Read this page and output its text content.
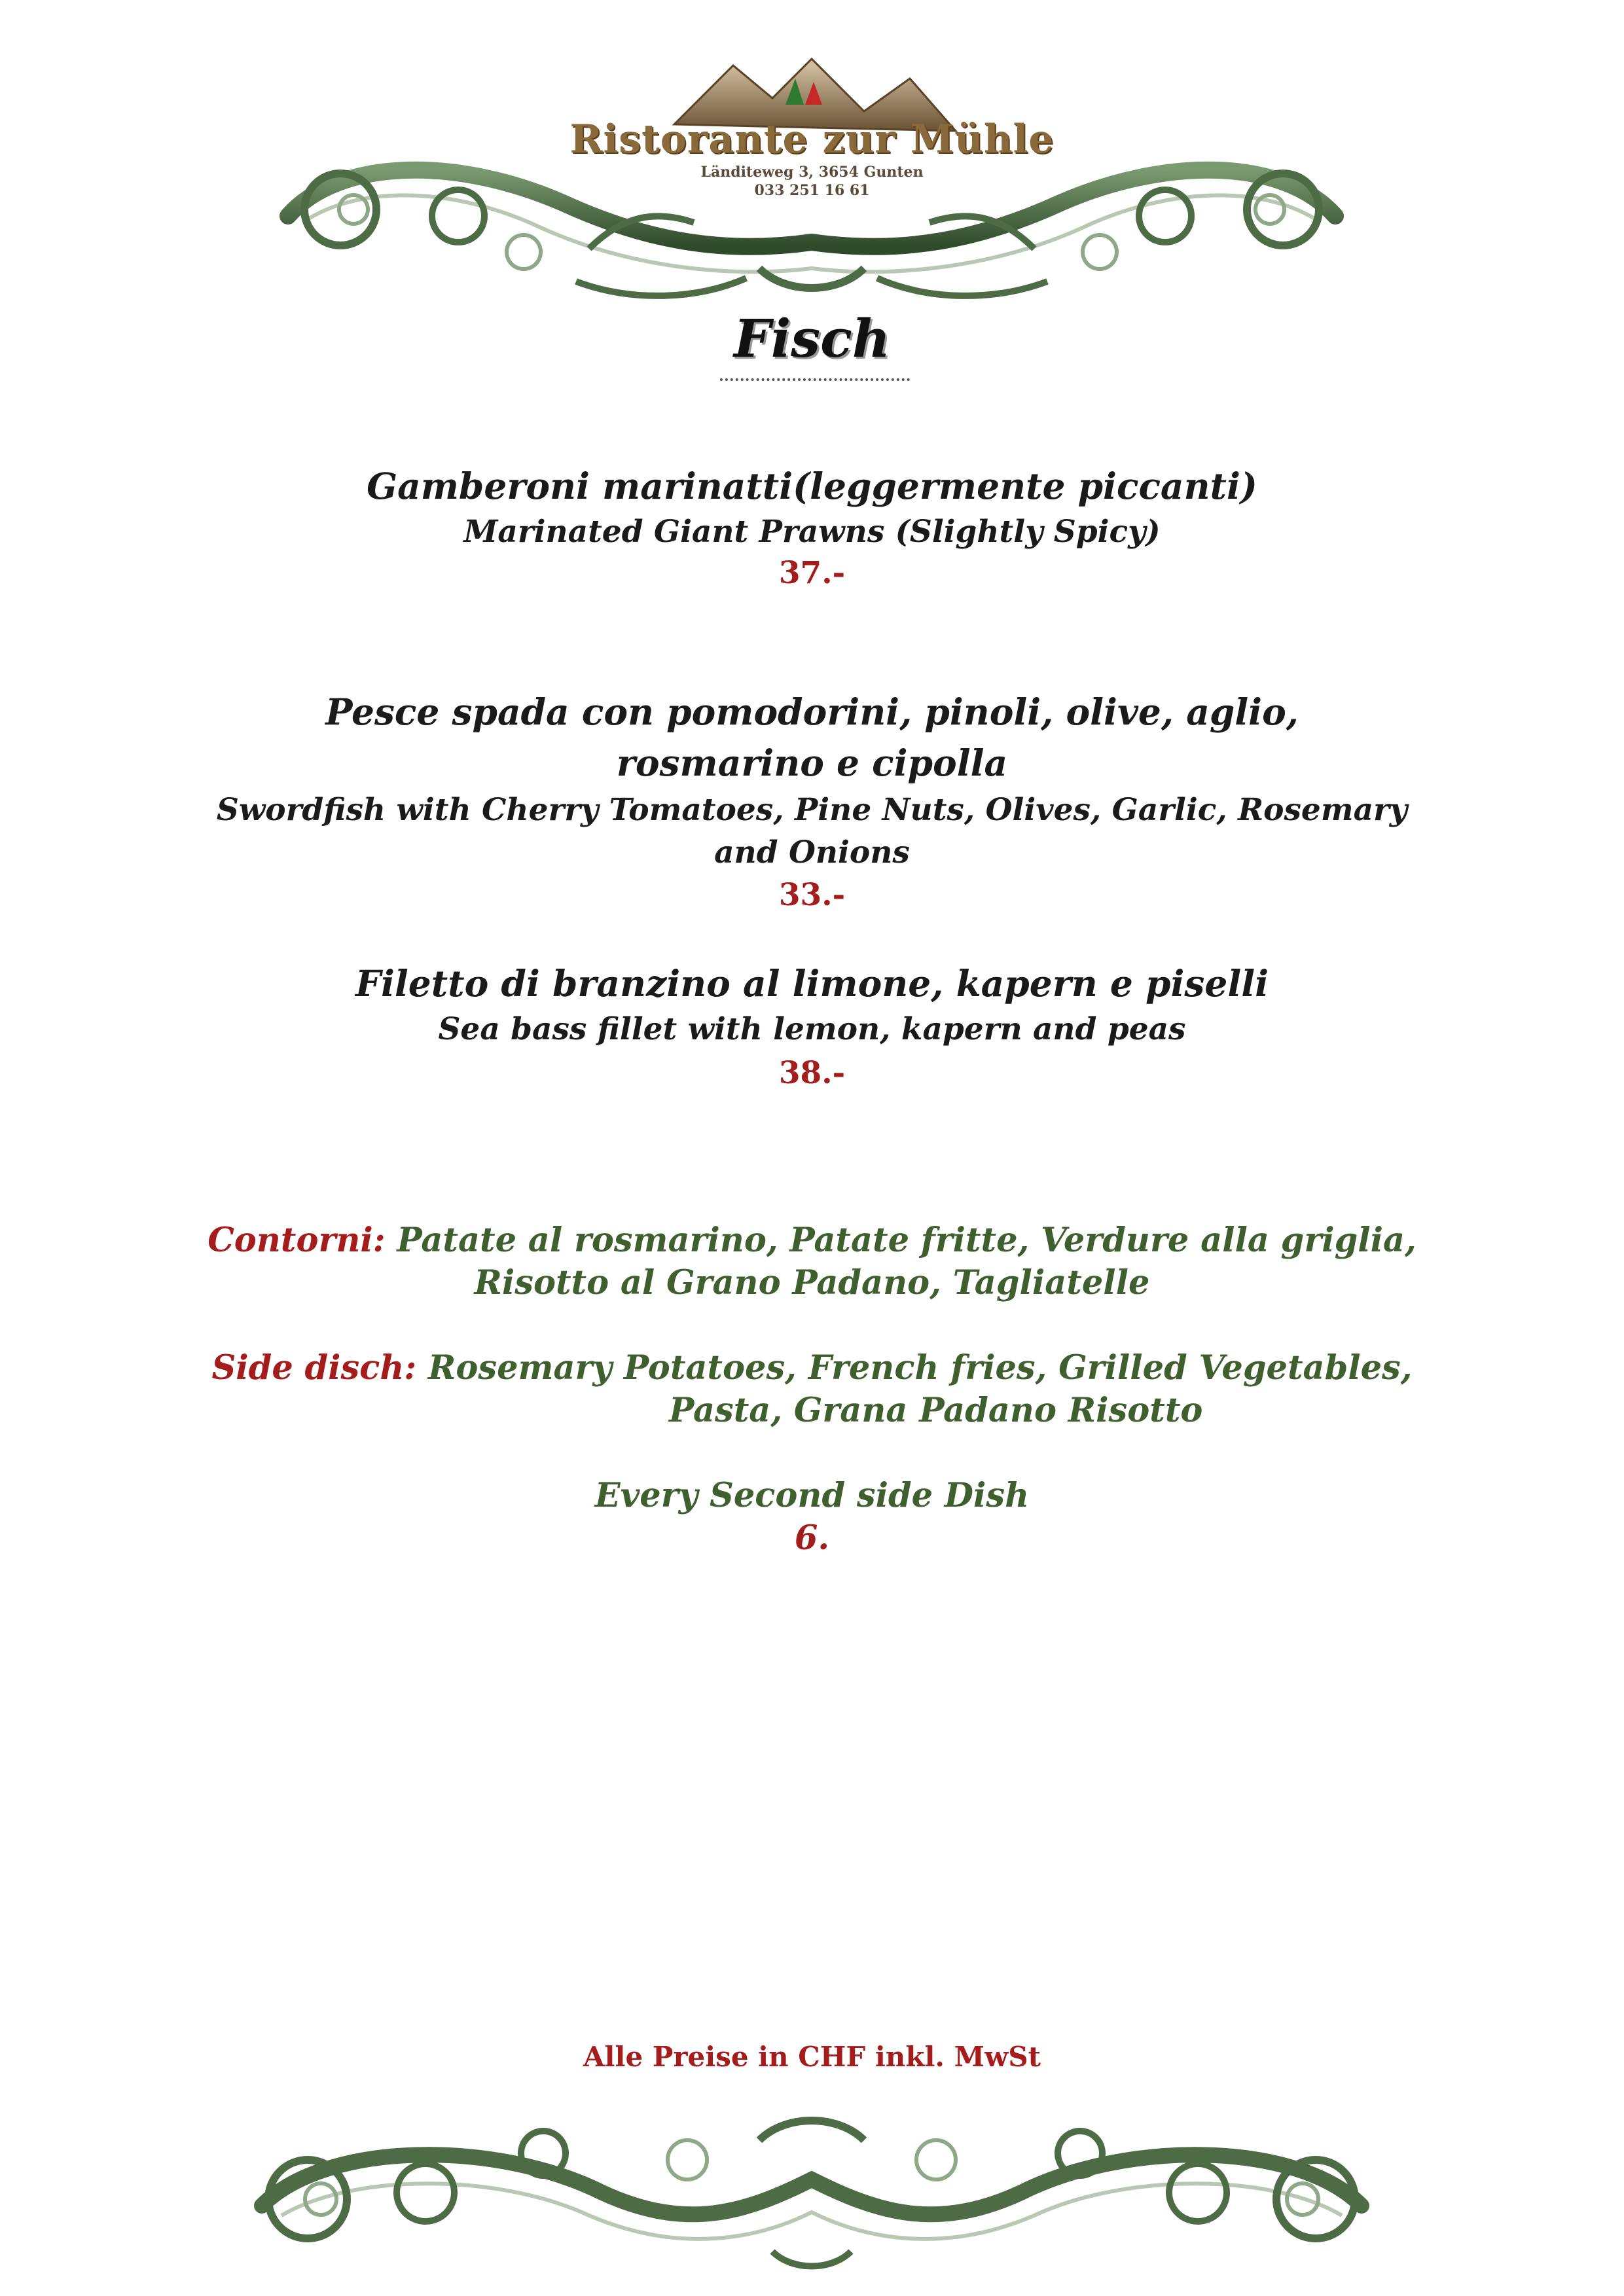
Ristorante zur Mühle
Länditeweg 3, 3654 Gunten
033 251 16 61
Fisch
Gamberoni marinatti(leggermente piccanti)
Marinated Giant Prawns (Slightly Spicy)
37.-
Pesce spada con pomodorini, pinoli, olive, aglio,
rosmarino e cipolla
Swordfish with Cherry Tomatoes, Pine Nuts, Olives, Garlic, Rosemary
and Onions
33.-
Filetto di branzino al limone, kapern e piselli
Sea bass fillet with lemon, kapern and peas
38.-
Contorni: Patate al rosmarino, Patate fritte, Verdure alla griglia,
Risotto al Grano Padano, Tagliatelle
Side disch: Rosemary Potatoes, French fries, Grilled Vegetables,
Pasta, Grana Padano Risotto
Every Second side Dish
6.
Alle Preise in CHF inkl. MwSt
